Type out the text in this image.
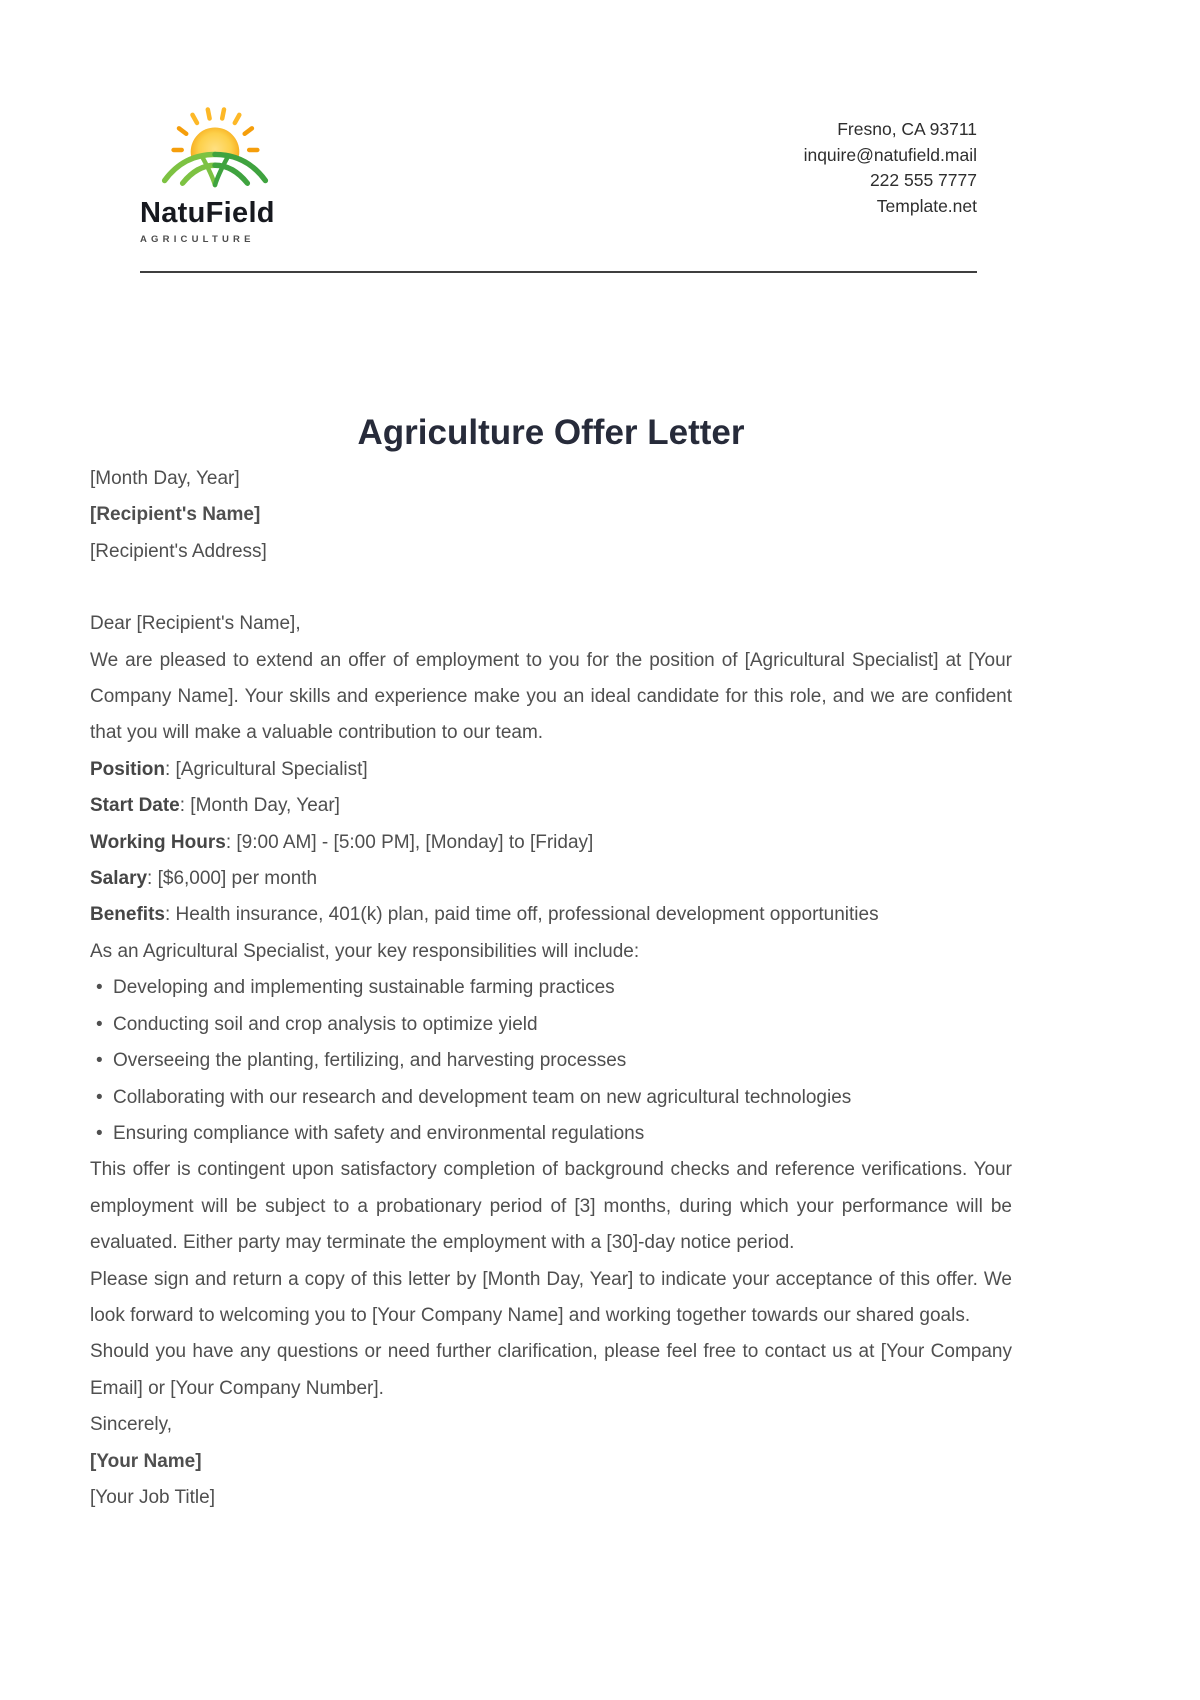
NatuField
AGRICULTURE
Fresno, CA 93711
inquire@natufield.mail
222 555 7777
Template.net
Agriculture Offer Letter

[Month Day, Year]

[Recipient's Name]

[Recipient's Address]

Dear [Recipient's Name],

We are pleased to extend an offer of employment to you for the position of [Agricultural Specialist] at [Your Company Name]. Your skills and experience make you an ideal candidate for this role, and we are confident that you will make a valuable contribution to our team.

Position: [Agricultural Specialist]

Start Date: [Month Day, Year]

Working Hours: [9:00 AM] - [5:00 PM], [Monday] to [Friday]

Salary: [$6,000] per month

Benefits: Health insurance, 401(k) plan, paid time off, professional development opportunities

As an Agricultural Specialist, your key responsibilities will include:

• Developing and implementing sustainable farming practices
• Conducting soil and crop analysis to optimize yield
• Overseeing the planting, fertilizing, and harvesting processes
• Collaborating with our research and development team on new agricultural technologies
• Ensuring compliance with safety and environmental regulations

This offer is contingent upon satisfactory completion of background checks and reference verifications. Your employment will be subject to a probationary period of [3] months, during which your performance will be evaluated. Either party may terminate the employment with a [30]-day notice period.

Please sign and return a copy of this letter by [Month Day, Year] to indicate your acceptance of this offer. We look forward to welcoming you to [Your Company Name] and working together towards our shared goals.

Should you have any questions or need further clarification, please feel free to contact us at [Your Company Email] or [Your Company Number].

Sincerely,

[Your Name]

[Your Job Title]
